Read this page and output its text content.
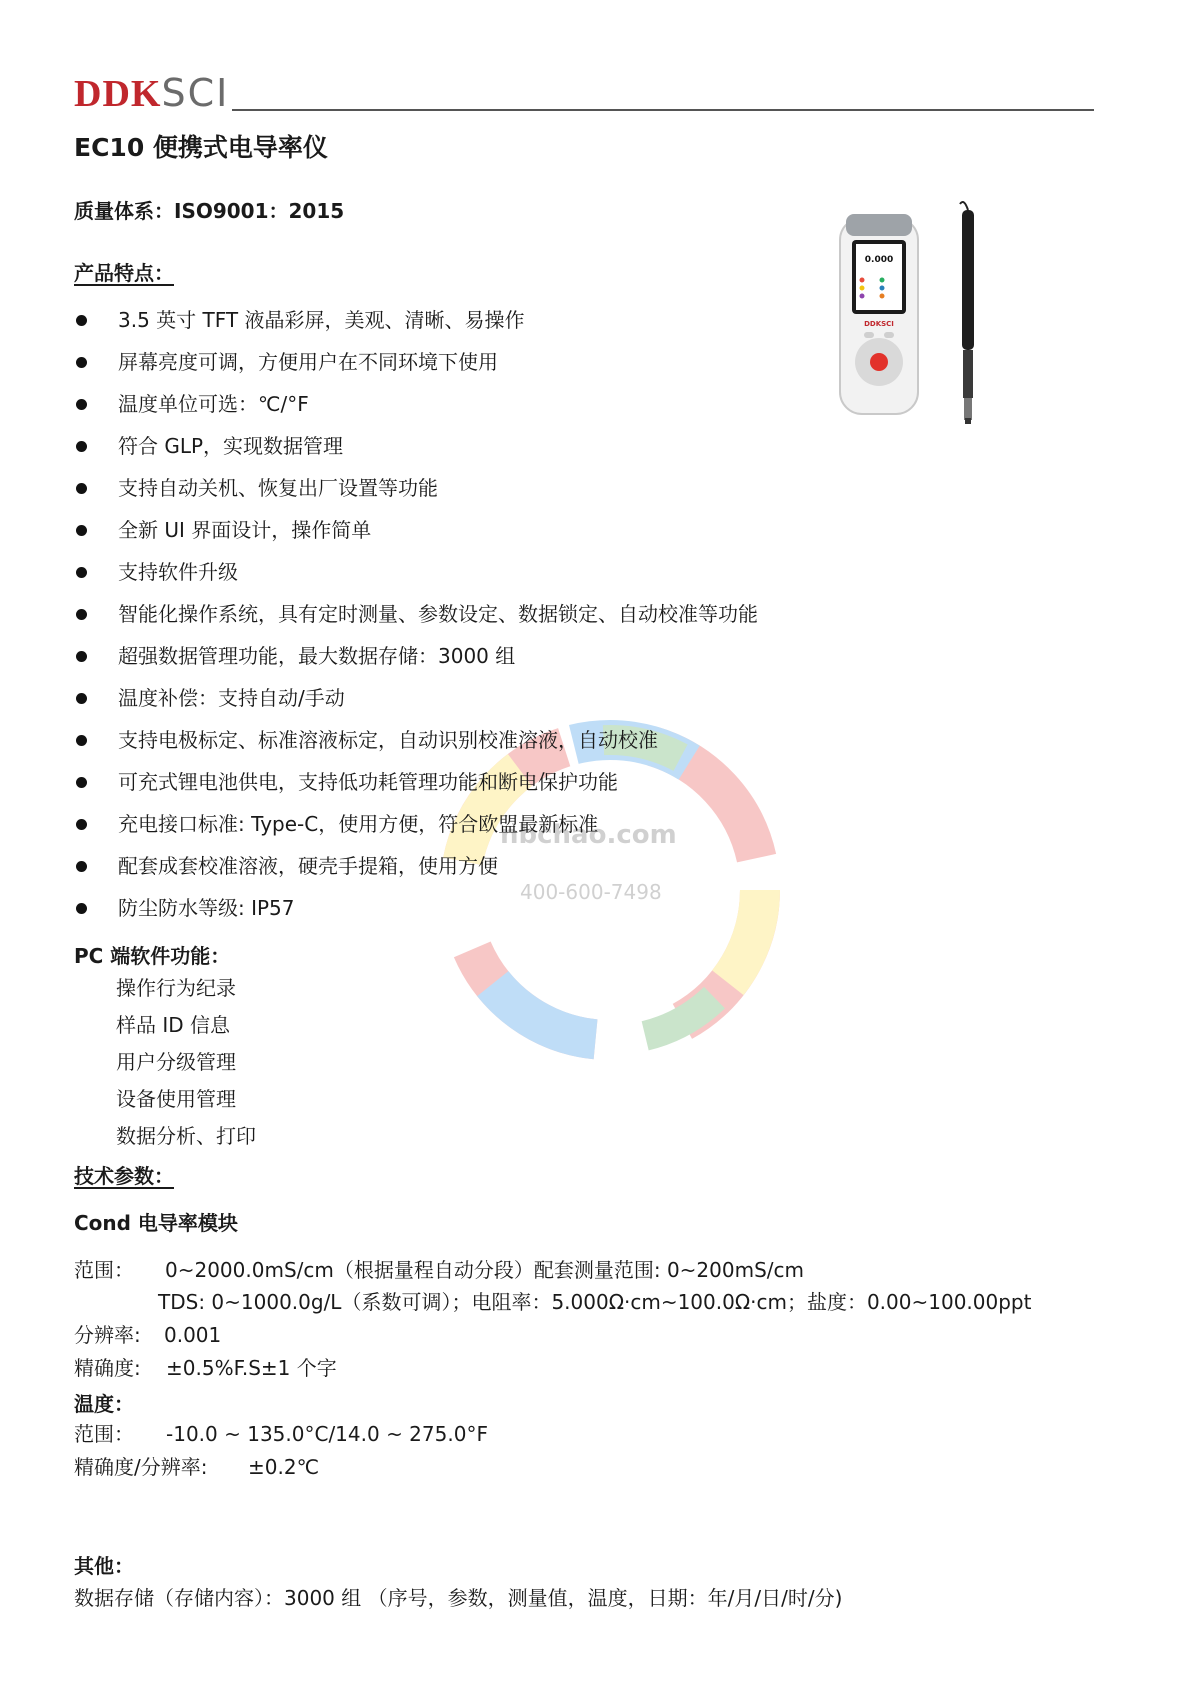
DDKSCI
EC10 便携式电导率仪
质量体系：ISO9001：2015
0.000
DDKSCI
nbchao.com
400-600-7498
产品特点：
3.5 英寸 TFT 液晶彩屏，美观、清晰、易操作
屏幕亮度可调，方便用户在不同环境下使用
温度单位可选：℃/°F
符合 GLP，实现数据管理
支持自动关机、恢复出厂设置等功能
全新 UI 界面设计，操作简单
支持软件升级
智能化操作系统，具有定时测量、参数设定、数据锁定、自动校准等功能
超强数据管理功能，最大数据存储：3000 组
温度补偿：支持自动/手动
支持电极标定、标准溶液标定，自动识别校准溶液，自动校准
可充式锂电池供电，支持低功耗管理功能和断电保护功能
充电接口标准: Type-C，使用方便，符合欧盟最新标准
配套成套校准溶液，硬壳手提箱，使用方便
防尘防水等级: IP57
PC 端软件功能：
操作行为纪录
样品 ID 信息
用户分级管理
设备使用管理
数据分析、打印
技术参数：
Cond 电导率模块
范围： 0~2000.0mS/cm（根据量程自动分段）配套测量范围: 0~200mS/cm
TDS: 0~1000.0g/L（系数可调）；电阻率：5.000Ω·cm~100.0Ω·cm；盐度：0.00~100.00ppt
分辨率: 0.001
精确度: ±0.5%F.S±1 个字
温度：
范围： -10.0 ~ 135.0°C/14.0 ~ 275.0°F
精确度/分辨率: ±0.2℃
其他：
数据存储（存储内容）：3000 组 （序号，参数，测量值，温度，日期：年/月/日/时/分)
